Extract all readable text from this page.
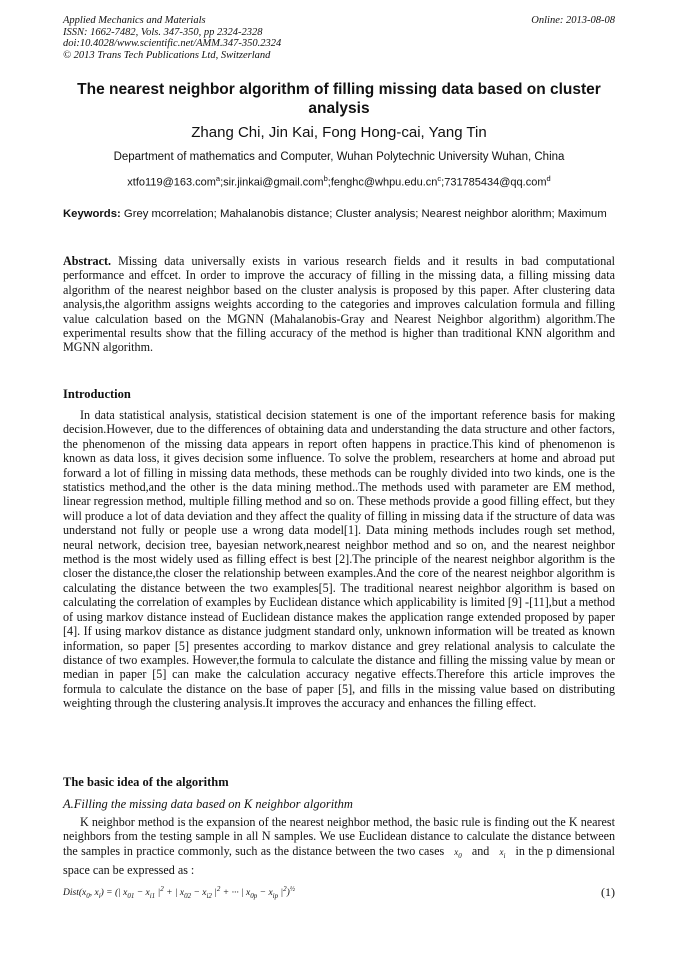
Applied Mechanics and Materials
ISSN: 1662-7482, Vols. 347-350, pp 2324-2328
doi:10.4028/www.scientific.net/AMM.347-350.2324
© 2013 Trans Tech Publications Ltd, Switzerland
Online: 2013-08-08
The nearest neighbor algorithm of filling missing data based on cluster analysis
Zhang Chi, Jin Kai, Fong Hong-cai, Yang Tin
Department of mathematics and Computer, Wuhan Polytechnic University Wuhan, China
$xtfo119@163.com^a;sir.jinkai@gmail.com^b;fenghc@whpu.edu.cn^c;731785434@qq.com^d$
Keywords: Grey mcorrelation; Mahalanobis distance; Cluster analysis; Nearest neighbor alorithm; Maximum
Abstract. Missing data universally exists in various research fields and it results in bad computational performance and effcet. In order to improve the accuracy of filling in the missing data, a filling missing data algorithm of the nearest neighbor based on the cluster analysis is proposed by this paper. After clustering data analysis,the algorithm assigns weights according to the categories and improves calculation formula and filling value calculation based on the MGNN (Mahalanobis-Gray and Nearest Neighbor algorithm) algorithm.The experimental results show that the filling accuracy of the method is higher than traditional KNN algorithm and MGNN algorithm.
Introduction
In data statistical analysis, statistical decision statement is one of the important reference basis for making decision.However, due to the differences of obtaining data and understanding the data structure and other factors, the phenomenon of the missing data appears in report often happens in practice.This kind of phenomenon is known as data loss, it gives decision some influence. To solve the problem, researchers at home and abroad put forward a lot of filling in missing data methods, these methods can be roughly divided into two kinds, one is the statistics method,and the other is the data mining method..The methods used with parameter are EM method, linear regression method, multiple filling method and so on. These methods provide a good filling effect, but they will produce a lot of data deviation and they affect the quality of filling in missing data if the structure of data was understand not fully or people use a wrong data model[1]. Data mining methods includes rough set method, neural network, decision tree, bayesian network,nearest neighbor method and so on, and the nearest neighbor method is the most widely used as filling effect is best [2].The principle of the nearest neighbor algorithm is the closer the distance,the closer the relationship between examples.And the core of the nearest neighbor algorithm is calculating the distance between the two examples[5]. The traditional nearest neighbor algorithm is based on calculating the correlation of examples by Euclidean distance which applicability is limited [9] -[11],but a method of using markov distance instead of Euclidean distance makes the application range extended proposed by paper [4]. If using markov distance as distance judgment standard only, unknown information will be treated as known information, so paper [5] presentes according to markov distance and grey relational analysis to calculate the distance of two examples. However,the formula to calculate the distance and filling the missing value by mean or median in paper [5] can make the calculation accuracy negative effects.Therefore this article improves the formula to calculate the distance on the base of paper [5], and fills in the missing value based on distributing weighting through the clustering analysis.It improves the accuracy and enhances the filling effect.
The basic idea of the algorithm
A.Filling the missing data based on K neighbor algorithm
K neighbor method is the expansion of the nearest neighbor method, the basic rule is finding out the K nearest neighbors from the testing sample in all N samples. We use Euclidean distance to calculate the distance between the samples in practice commonly, such as the distance between the two cases $x_0$ and $x_i$ in the p dimensional space can be expressed as :
$Dist(x_0$, $x_i$) = (| $x_{01} - x_{i1}$ $|^2$ + | $x_{02} - x_{i2}$ $|^2$ + ··· | $x_{0p} - x_{ip}$ $|^2)^{\frac{1}{2}}$	(1)
